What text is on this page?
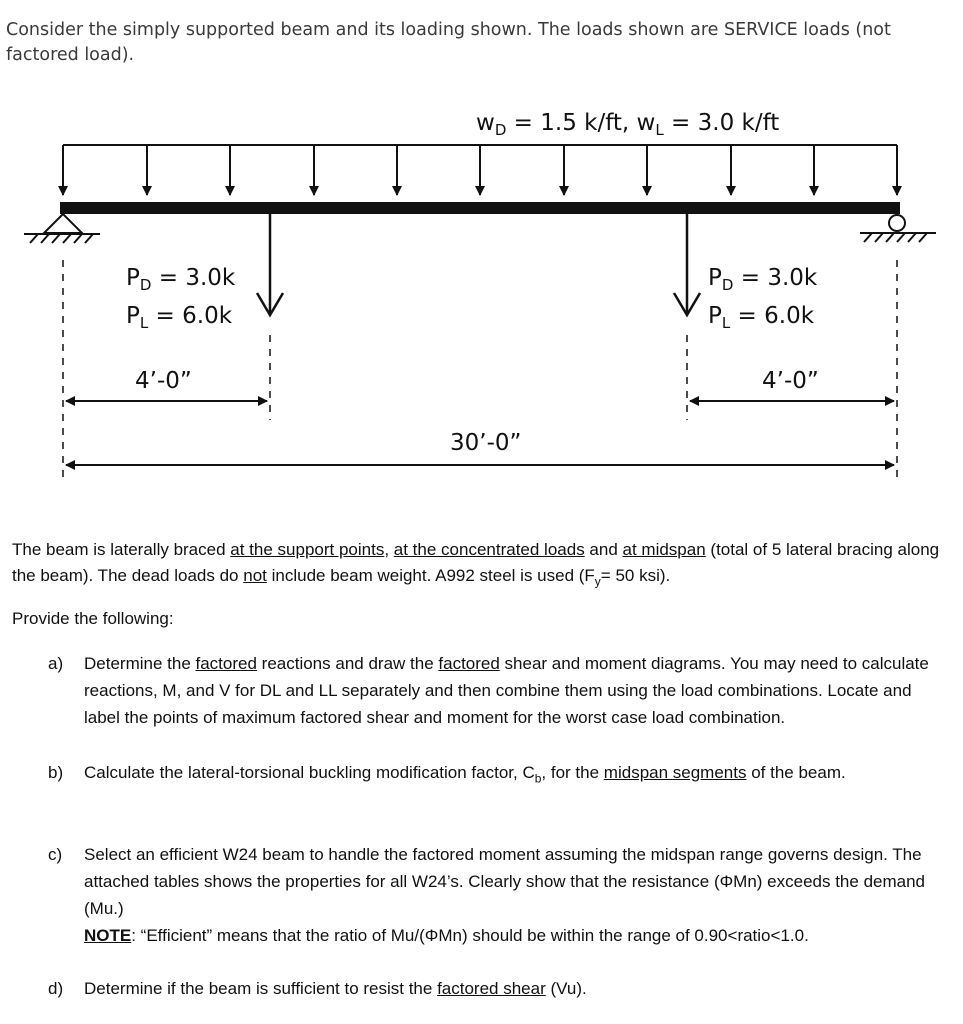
Consider the simply supported beam and its loading shown. The loads shown are SERVICE loads (not factored load).
$w_D = 1.5$ k/ft, $w_L = 3.0$ k/ft
$P_D = 3.0k$
$P_L = 6.0k$
$P_D = 3.0k$
$P_L = 6.0k$
4’-0”	4’-0”
30’-0”
The beam is laterally braced at the support points, at the concentrated loads and at midspan (total of 5 lateral bracing along the beam). The dead loads do not include beam weight. A992 steel is used ($F_y= 50$ ksi).
Provide the following:
a) Determine the factored reactions and draw the factored shear and moment diagrams. You may need to calculate reactions, M, and V for DL and LL separately and then combine them using the load combinations. Locate and label the points of maximum factored shear and moment for the worst case load combination.
b) Calculate the lateral-torsional buckling modification factor, $C_b$, for the midspan segments of the beam.
c) Select an efficient W24 beam to handle the factored moment assuming the midspan range governs design. The attached tables shows the properties for all W24’s. Clearly show that the resistance (ΦMn) exceeds the demand (Mu.)
NOTE: “Efficient” means that the ratio of Mu/(ΦMn) should be within the range of 0.90<ratio<1.0.
d) Determine if the beam is sufficient to resist the factored shear (Vu).
